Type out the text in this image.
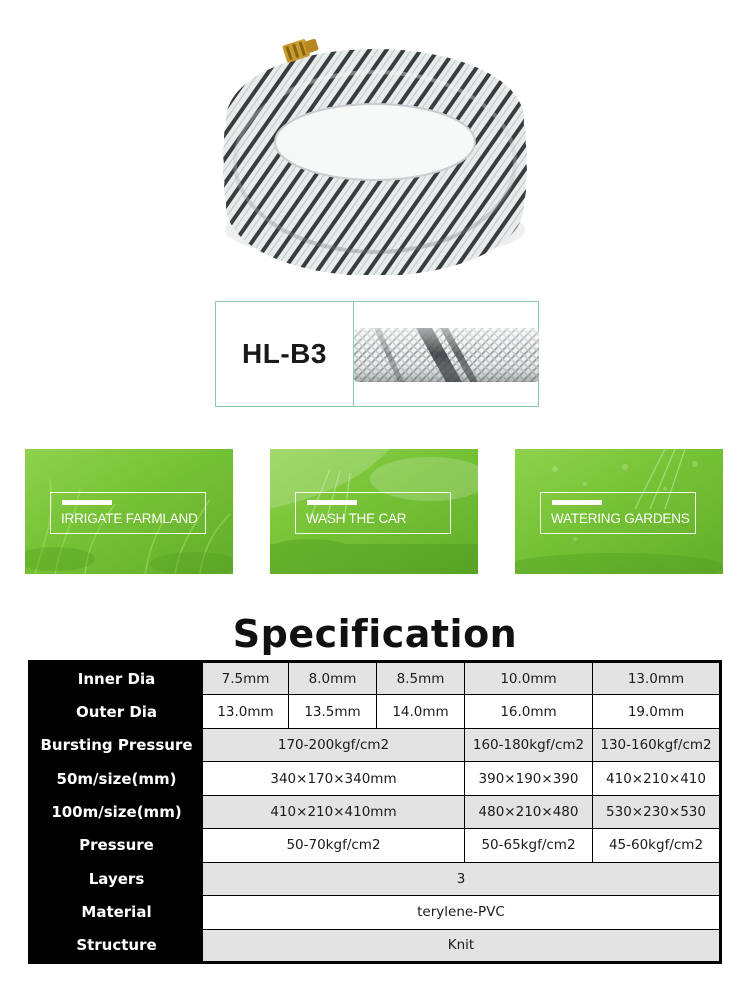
HL-B3
IRRIGATE FARMLAND	WASH THE CAR	WATERING GARDENS
Specification
Inner Dia	7.5mm	8.0mm	8.5mm	10.0mm	13.0mm
Outer Dia	13.0mm	13.5mm	14.0mm	16.0mm	19.0mm
Bursting Pressure	170-200kgf/cm2			160-180kgf/cm2	130-160kgf/cm2
50m/size(mm)	340×170×340mm			390×190×390	410×210×410
100m/size(mm)	410×210×410mm			480×210×480	530×230×530
Pressure	50-70kgf/cm2			50-65kgf/cm2	45-60kgf/cm2
Layers	3				
Material	terylene-PVC				
Structure	Knit				
